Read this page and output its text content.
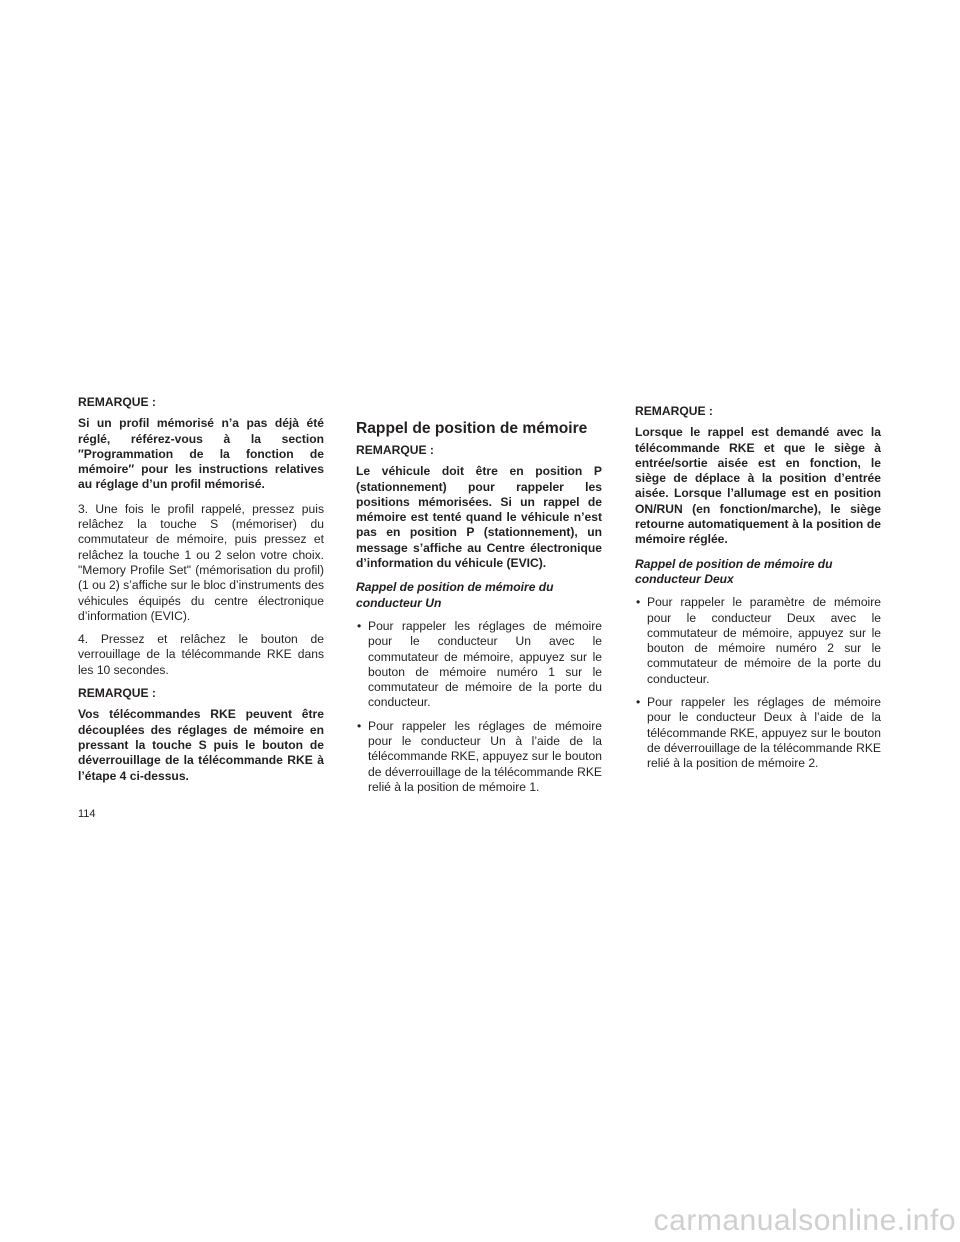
REMARQUE :

Si un profil mémorisé n’a pas déjà été réglé, référez-vous à la section ″Programmation de la fonction de mémoire″ pour les instructions relatives au réglage d’un profil mémorisé.

3. Une fois le profil rappelé, pressez puis relâchez la touche S (mémoriser) du commutateur de mémoire, puis pressez et relâchez la touche 1 ou 2 selon votre choix. "Memory Profile Set" (mémorisation du profil) (1 ou 2) s’affiche sur le bloc d’instruments des véhicules équipés du centre électronique d’information (EVIC).

4. Pressez et relâchez le bouton de verrouillage de la télécommande RKE dans les 10 secondes.

REMARQUE :

Vos télécommandes RKE peuvent être découplées des réglages de mémoire en pressant la touche S puis le bouton de déverrouillage de la télécommande RKE à l’étape 4 ci-dessus.

Rappel de position de mémoire

REMARQUE :

Le véhicule doit être en position P (stationnement) pour rappeler les positions mémorisées. Si un rappel de mémoire est tenté quand le véhicule n’est pas en position P (stationnement), un message s’affiche au Centre électronique d’information du véhicule (EVIC).

Rappel de position de mémoire du conducteur Un

• Pour rappeler les réglages de mémoire pour le conducteur Un avec le commutateur de mémoire, appuyez sur le bouton de mémoire numéro 1 sur le commutateur de mémoire de la porte du conducteur.
• Pour rappeler les réglages de mémoire pour le conducteur Un à l’aide de la télécommande RKE, appuyez sur le bouton de déverrouillage de la télécommande RKE relié à la position de mémoire 1.

REMARQUE :

Lorsque le rappel est demandé avec la télécommande RKE et que le siège à entrée/sortie aisée est en fonction, le siège de déplace à la position d’entrée aisée. Lorsque l’allumage est en position ON/RUN (en fonction/marche), le siège retourne automatiquement à la position de mémoire réglée.

Rappel de position de mémoire du conducteur Deux

• Pour rappeler le paramètre de mémoire pour le conducteur Deux avec le commutateur de mémoire, appuyez sur le bouton de mémoire numéro 2 sur le commutateur de mémoire de la porte du conducteur.
• Pour rappeler les réglages de mémoire pour le conducteur Deux à l’aide de la télécommande RKE, appuyez sur le bouton de déverrouillage de la télécommande RKE relié à la position de mémoire 2.
114
carmanualsonline.info
